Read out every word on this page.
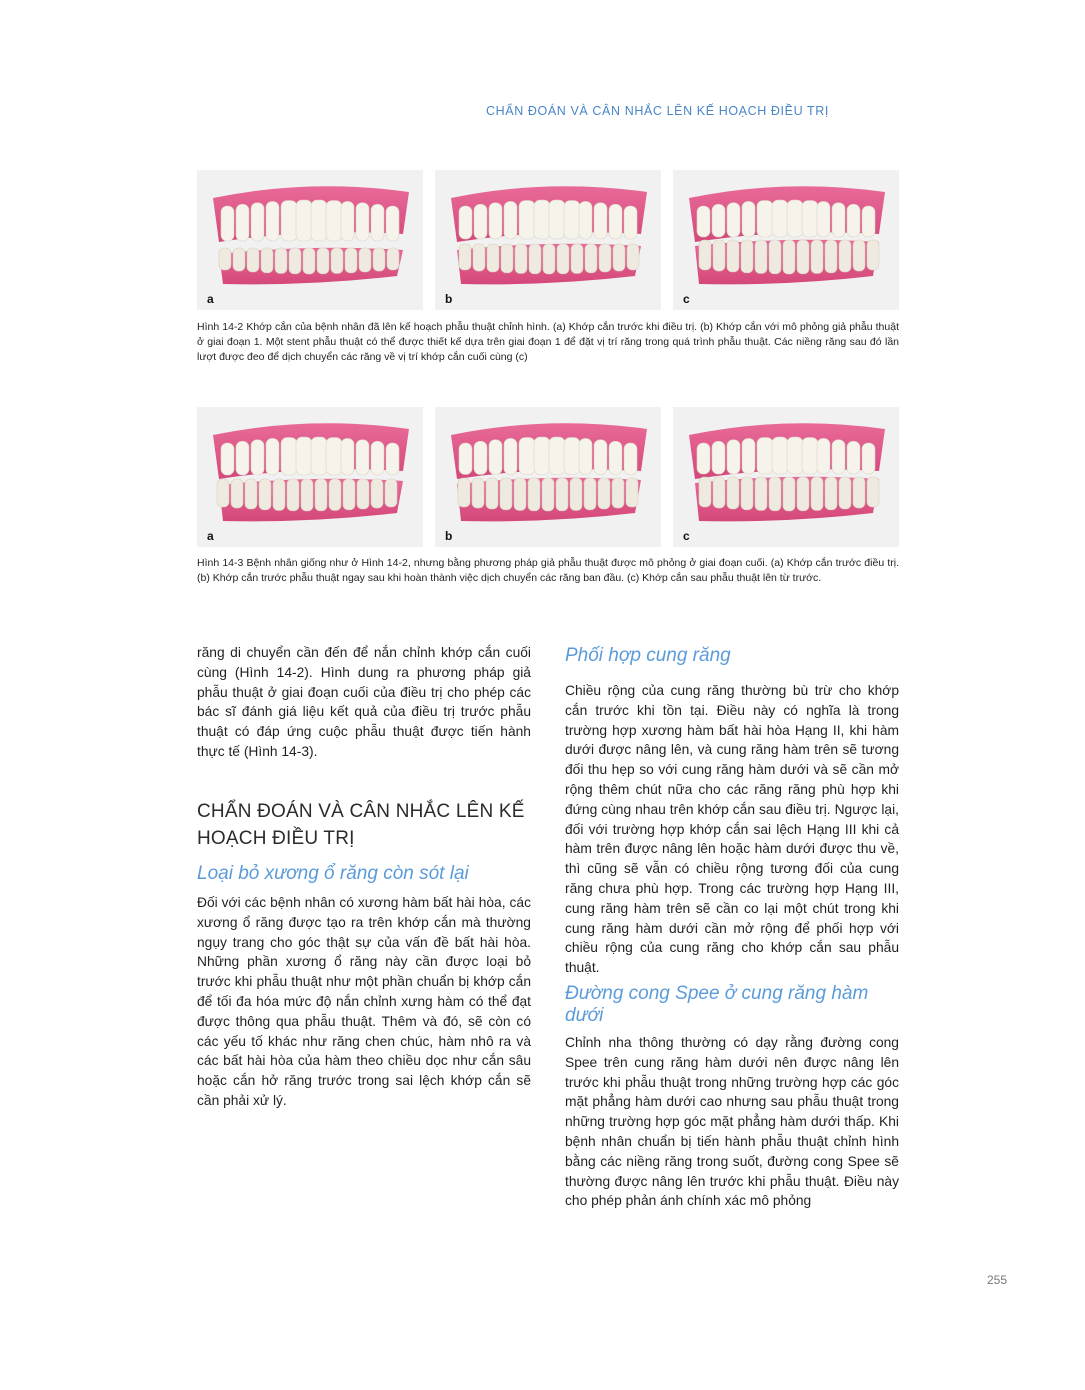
CHẨN ĐOÁN VÀ CÂN NHẮC LÊN KẾ HOẠCH ĐIỀU TRỊ
a	b	c
Hình 14-2 Khớp cắn của bệnh nhân đã lên kế hoạch phẫu thuật chỉnh hình. (a) Khớp cắn trước khi điều trị. (b) Khớp cắn với mô phỏng giả phẫu thuật ở giai đoạn 1. Một stent phẫu thuật có thể được thiết kế dựa trên giai đoạn 1 để đặt vị trí răng trong quá trình phẫu thuật. Các niềng răng sau đó lần lượt được đeo để dịch chuyển các răng về vị trí khớp cắn cuối cùng (c)
a	b	c
Hình 14-3 Bệnh nhân giống như ở Hình 14-2, nhưng bằng phương pháp giả phẫu thuật được mô phỏng ở giai đoạn cuối. (a) Khớp cắn trước điều trị. (b) Khớp cắn trước phẫu thuật ngay sau khi hoàn thành việc dịch chuyển các răng ban đầu. (c) Khớp cắn sau phẫu thuật lên từ trước.

răng di chuyển cần đến để nắn chỉnh khớp cắn cuối cùng (Hình 14-2). Hình dung ra phương pháp giả phẫu thuật ở giai đoạn cuối của điều trị cho phép các bác sĩ đánh giá liệu kết quả của điều trị trước phẫu thuật có đáp ứng cuộc phẫu thuật được tiến hành thực tế (Hình 14-3).

CHẨN ĐOÁN VÀ CÂN NHẮC LÊN KẾ HOẠCH ĐIỀU TRỊ
Loại bỏ xương ổ răng còn sót lại

Đối với các bệnh nhân có xương hàm bất hài hòa, các xương ổ răng được tạo ra trên khớp cắn mà thường ngụy trang cho góc thật sự của vấn đề bất hài hòa. Những phần xương ổ răng này cần được loại bỏ trước khi phẫu thuật như một phần chuẩn bị khớp cắn để tối đa hóa mức độ nắn chỉnh xưng hàm có thể đạt được thông qua phẫu thuật. Thêm và đó, sẽ còn có các yếu tố khác như răng chen chúc, hàm nhô ra và các bất hài hòa của hàm theo chiều dọc như cắn sâu hoặc cắn hở răng trước trong sai lệch khớp cắn sẽ cần phải xử lý.

Phối hợp cung răng

Chiều rộng của cung răng thường bù trừ cho khớp cắn trước khi tồn tại. Điều này có nghĩa là trong trường hợp xương hàm bất hài hòa Hạng II, khi hàm dưới được nâng lên, và cung răng hàm trên sẽ tương đối thu hẹp so với cung răng hàm dưới và sẽ cần mở rộng thêm chút nữa cho các răng răng phù hợp khi đứng cùng nhau trên khớp cắn sau điều trị. Ngược lại, đối với trường hợp khớp cắn sai lệch Hạng III khi cả hàm trên được nâng lên hoặc hàm dưới được thu về, thì cũng sẽ vẫn có chiều rộng tương đối của cung răng chưa phù hợp. Trong các trường hợp Hạng III, cung răng hàm trên sẽ cần co lại một chút trong khi cung răng hàm dưới cần mở rộng để phối hợp với chiều rộng của cung răng cho khớp cắn sau phẫu thuật.

Đường cong Spee ở cung răng hàm dưới

Chỉnh nha thông thường có dạy rằng đường cong Spee trên cung răng hàm dưới nên được nâng lên trước khi phẫu thuật trong những trường hợp các góc mặt phẳng hàm dưới cao nhưng sau phẫu thuật trong những trường hợp góc mặt phẳng hàm dưới thấp. Khi bệnh nhân chuẩn bị tiến hành phẫu thuật chỉnh hình bằng các niềng răng trong suốt, đường cong Spee sẽ thường được nâng lên trước khi phẫu thuật. Điều này cho phép phản ánh chính xác mô phỏng

255
